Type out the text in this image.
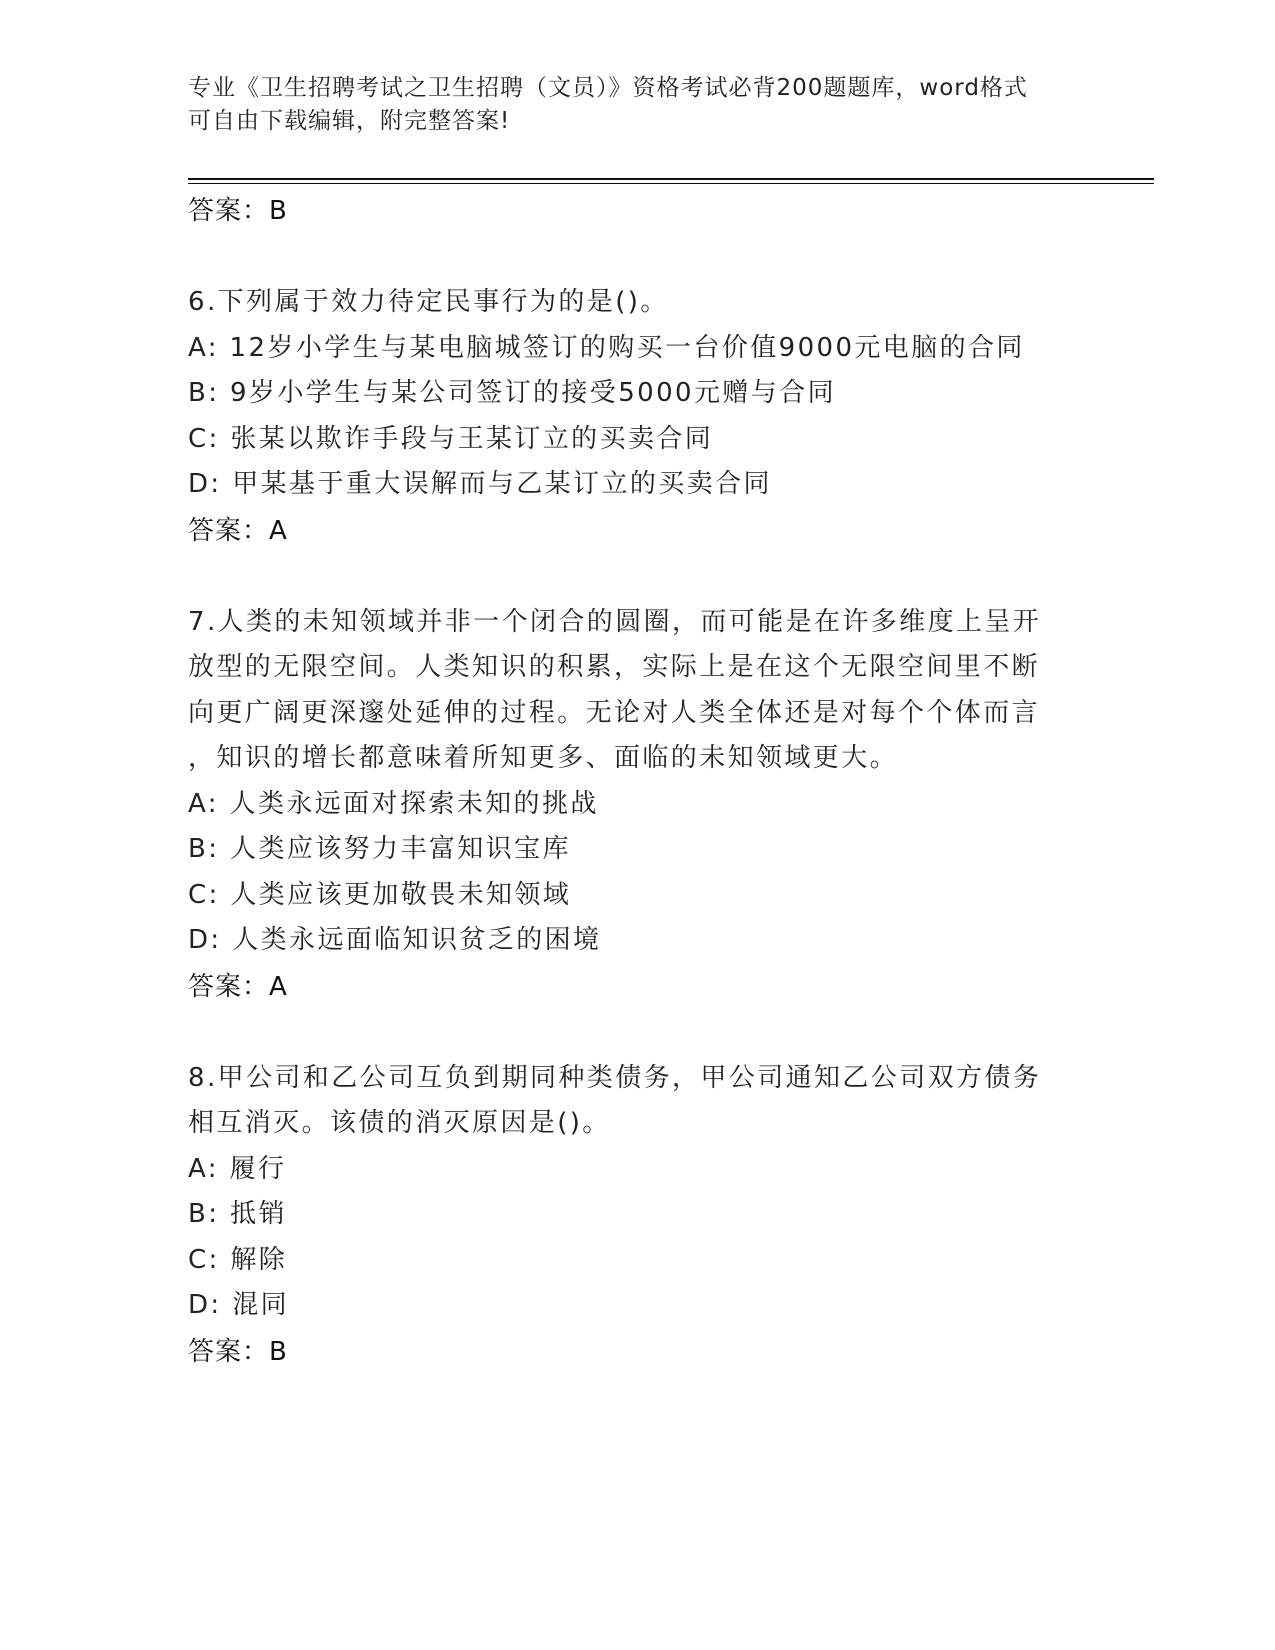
专业《卫生招聘考试之卫生招聘（文员）》资格考试必背200题题库，word格式
可自由下载编辑，附完整答案!
答案：B
6.下列属于效力待定民事行为的是()。
A: 12岁小学生与某电脑城签订的购买一台价值9000元电脑的合同
B: 9岁小学生与某公司签订的接受5000元赠与合同
C: 张某以欺诈手段与王某订立的买卖合同
D: 甲某基于重大误解而与乙某订立的买卖合同
答案：A
7.人类的未知领域并非一个闭合的圆圈，而可能是在许多维度上呈开
放型的无限空间。人类知识的积累，实际上是在这个无限空间里不断
向更广阔更深邃处延伸的过程。无论对人类全体还是对每个个体而言
，知识的增长都意味着所知更多、面临的未知领域更大。
A: 人类永远面对探索未知的挑战
B: 人类应该努力丰富知识宝库
C: 人类应该更加敬畏未知领域
D: 人类永远面临知识贫乏的困境
答案：A
8.甲公司和乙公司互负到期同种类债务，甲公司通知乙公司双方债务
相互消灭。该债的消灭原因是()。
A: 履行
B: 抵销
C: 解除
D: 混同
答案：B
